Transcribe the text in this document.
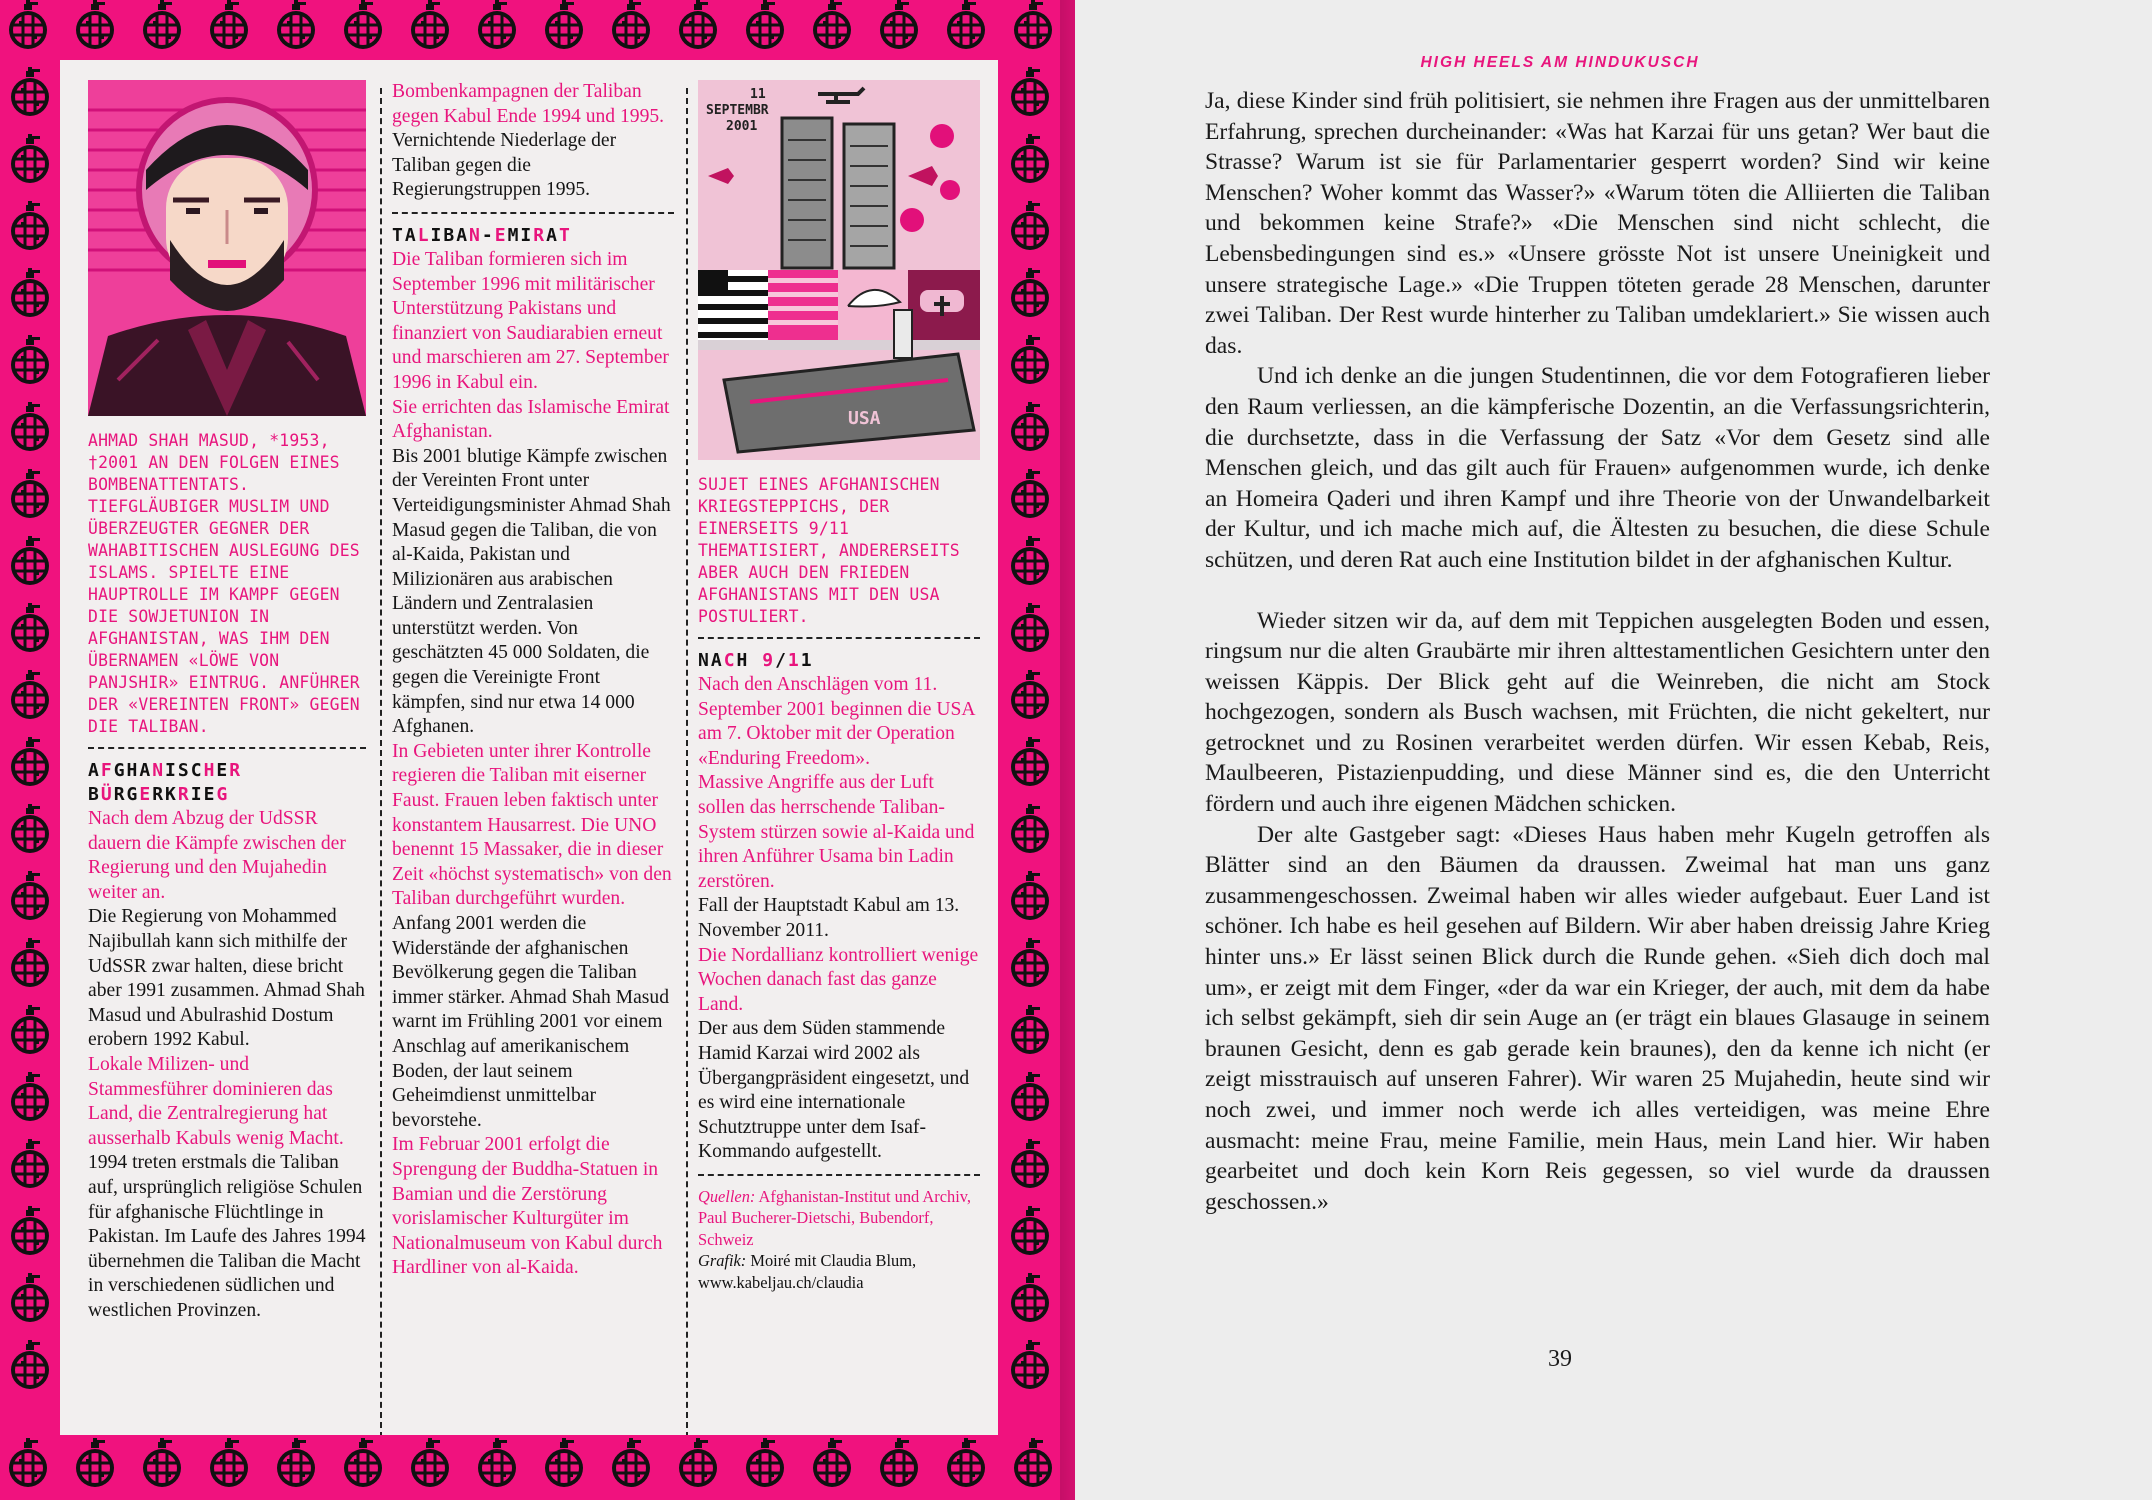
AHMAD SHAH MASUD, *1953, †2001 AN DEN FOLGEN EINES BOMBENATTENTATS. TIEFGLÄUBIGER MUSLIM UND ÜBERZEUGTER GEGNER DER WAHABITISCHEN AUSLEGUNG DES ISLAMS. SPIELTE EINE HAUPTROLLE IM KAMPF GEGEN DIE SOWJETUNION IN AFGHANISTAN, WAS IHM DEN ÜBERNAMEN «LÖWE VON PANJSHIR» EINTRUG. ANFÜHRER DER «VEREINTEN FRONT» GEGEN DIE TALIBAN.
AFGHANISCHER
BÜRGERKRIEG
Nach dem Abzug der UdSSR dauern die Kämpfe zwischen der Regierung und den Mujahedin weiter an.
Die Regierung von Mohammed Najibullah kann sich mithilfe der UdSSR zwar halten, diese bricht aber 1991 zusammen. Ahmad Shah Masud und Abulrashid Dostum erobern 1992 Kabul.
Lokale Milizen- und Stammesführer dominieren das Land, die Zentralregierung hat ausserhalb Kabuls wenig Macht.
1994 treten erstmals die Taliban auf, ursprünglich religiöse Schulen für afghanische Flüchtlinge in Pakistan. Im Laufe des Jahres 1994 übernehmen die Taliban die Macht in verschiedenen südlichen und westlichen Provinzen.
Bombenkampagnen der Taliban gegen Kabul Ende 1994 und 1995.
Vernichtende Niederlage der Taliban gegen die Regierungstruppen 1995.
TALIBAN-EMIRAT
Die Taliban formieren sich im September 1996 mit militärischer Unterstützung Pakistans und finanziert von Saudiarabien erneut und marschieren am 27. September 1996 in Kabul ein.
Sie errichten das Islamische Emirat Afghanistan.
Bis 2001 blutige Kämpfe zwischen der Vereinten Front unter Verteidigungsminister Ahmad Shah Masud gegen die Taliban, die von al-Kaida, Pakistan und Milizionären aus arabischen Ländern und Zentralasien unterstützt werden. Von geschätzten 45 000 Soldaten, die gegen die Vereinigte Front kämpfen, sind nur etwa 14 000 Afghanen.
In Gebieten unter ihrer Kontrolle regieren die Taliban mit eiserner Faust. Frauen leben faktisch unter konstantem Hausarrest. Die UNO benennt 15 Massaker, die in dieser Zeit «höchst systematisch» von den Taliban durchgeführt wurden.
Anfang 2001 werden die Widerstände der afghanischen Bevölkerung gegen die Taliban immer stärker. Ahmad Shah Masud warnt im Frühling 2001 vor einem Anschlag auf amerikanischem Boden, der laut seinem Geheimdienst unmittelbar bevorstehe.
Im Februar 2001 erfolgt die Sprengung der Buddha-Statuen in Bamian und die Zerstörung vorislamischer Kulturgüter im Nationalmuseum von Kabul durch Hardliner von al-Kaida.
11
SEPTEMBR
2001
USA
SUJET EINES AFGHANISCHEN KRIEGSTEPPICHS, DER EINERSEITS 9/11 THEMATISIERT, ANDERERSEITS ABER AUCH DEN FRIEDEN AFGHANISTANS MIT DEN USA POSTULIERT.
NACH 9/11
Nach den Anschlägen vom 11. September 2001 beginnen die USA am 7. Oktober mit der Operation «Enduring Freedom».
Massive Angriffe aus der Luft sollen das herrschende Taliban-System stürzen sowie al-Kaida und ihren Anführer Usama bin Ladin zerstören.
Fall der Hauptstadt Kabul am 13. November 2011.
Die Nordallianz kontrolliert wenige Wochen danach fast das ganze Land.
Der aus dem Süden stammende Hamid Karzai wird 2002 als Übergangpräsident eingesetzt, und es wird eine internationale Schutztruppe unter dem Isaf-Kommando aufgestellt.
Quellen: Afghanistan-Institut und Archiv, Paul Bucherer-Dietschi, Bubendorf, Schweiz
Grafik: Moiré mit Claudia Blum, www.kabeljau.ch/claudia
HIGH HEELS AM HINDUKUSCH

Ja, diese Kinder sind früh politisiert, sie nehmen ihre Fragen aus der unmittelbaren Erfahrung, sprechen durcheinander: «Was hat Karzai für uns getan? Wer baut die Strasse? Warum ist sie für Parlamentarier gesperrt worden? Sind wir keine Menschen? Woher kommt das Wasser?» «Warum töten die Alliierten die Taliban und bekommen keine Strafe?» «Die Menschen sind nicht schlecht, die Lebensbedingungen sind es.» «Unsere grösste Not ist unsere Uneinigkeit und unsere strategische Lage.» «Die Truppen töteten gerade 28 Menschen, darunter zwei Taliban. Der Rest wurde hinterher zu Taliban umdeklariert.» Sie wissen auch das.

Und ich denke an die jungen Studentinnen, die vor dem Fotografieren lieber den Raum verliessen, an die kämpferische Dozentin, an die Verfassungsrichterin, die durchsetzte, dass in die Verfassung der Satz «Vor dem Gesetz sind alle Menschen gleich, und das gilt auch für Frauen» aufgenommen wurde, ich denke an Homeira Qaderi und ihren Kampf und ihre Theorie von der Unwandelbarkeit der Kultur, und ich mache mich auf, die Ältesten zu besuchen, die diese Schule schützen, und deren Rat auch eine Institution bildet in der afghanischen Kultur.

Wieder sitzen wir da, auf dem mit Teppichen ausgelegten Boden und essen, ringsum nur die alten Graubärte mir ihren alttestamentlichen Gesichtern unter den weissen Käppis. Der Blick geht auf die Weinreben, die nicht am Stock hochgezogen, sondern als Busch wachsen, mit Früchten, die nicht gekeltert, nur getrocknet und zu Rosinen verarbeitet werden dürfen. Wir essen Kebab, Reis, Maulbeeren, Pistazienpudding, und diese Männer sind es, die den Unterricht fördern und auch ihre eigenen Mädchen schicken.

Der alte Gastgeber sagt: «Dieses Haus haben mehr Kugeln getroffen als Blätter sind an den Bäumen da draussen. Zweimal hat man uns ganz zusammengeschossen. Zweimal haben wir alles wieder aufgebaut. Euer Land ist schöner. Ich habe es heil gesehen auf Bildern. Wir aber haben dreissig Jahre Krieg hinter uns.» Er lässt seinen Blick durch die Runde gehen. «Sieh dich doch mal um», er zeigt mit dem Finger, «der da war ein Krieger, der auch, mit dem da habe ich selbst gekämpft, sieh dir sein Auge an (er trägt ein blaues Glasauge in seinem braunen Gesicht, denn es gab gerade kein braunes), den da kenne ich nicht (er zeigt misstrauisch auf unseren Fahrer). Wir waren 25 Mujahedin, heute sind wir noch zwei, und immer noch werde ich alles verteidigen, was meine Ehre ausmacht: meine Frau, meine Familie, mein Haus, mein Land hier. Wir haben gearbeitet und doch kein Korn Reis gegessen, so viel wurde da draussen geschossen.»

39
